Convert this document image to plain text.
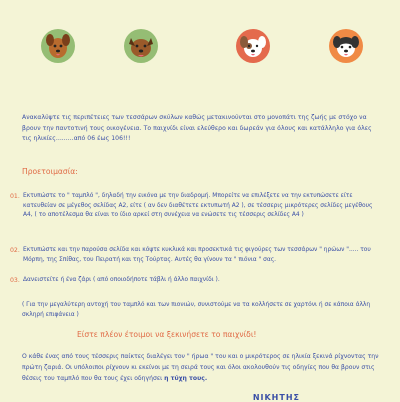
Ανακαλύψτε τις περιπέτειες των τεσσάρων σκύλων καθώς μετακινούνται στο μονοπάτι της ζωής με στόχο να βρουν την παντοτινή τους οικογένεια. Το παιχνίδι είναι ελεύθερο και δωρεάν για όλους και κατάλληλο για όλες τις ηλικίες.........από 06 έως 106!!!
Προετοιμασία:
01. Εκτυπώστε το " ταμπλό ", δηλαδή την εικόνα με την διαδρομή. Μπορείτε να επιλέξετε να την εκτυπώσετε είτε κατευθείαν σε μέγεθος σελίδας Α2, είτε ( αν δεν διαθέτετε εκτυπωτή Α2 ), σε τέσσερις μικρότερες σελίδες μεγέθους Α4, ( το αποτέλεσμα θα είναι το ίδιο αρκεί στη συνέχεια να ενώσετε τις τέσσερις σελίδες Α4 )
02. Εκτυπώστε και την παρούσα σελίδα και κόψτε κυκλικά και προσεκτικά τις φιγούρες των τεσσάρων " ηρώων "..... του Μόρπη, της Σπίθας, του Πειρατή και της Τούρτας. Αυτές θα γίνουν τα " πιόνια " σας.
03. Δανειστείτε ή ένα ζάρι ( από οποιοδήποτε τάβλι ή άλλο παιχνίδι ).
( Για την μεγαλύτερη αντοχή του ταμπλό και των πιονιών, συνιστούμε να τα κολλήσετε σε χαρτόνι ή σε κάποια άλλη σκληρή επιφάνεια )
Είστε πλέον έτοιμοι να ξεκινήσετε το παιχνίδι!
Ο κάθε ένας από τους τέσσερις παίκτες διαλέγει τον " ήρωα " του και ο μικρότερος σε ηλικία ξεκινά ρίχνοντας την πρώτη ζαριά. Οι υπόλοιποι ρίχνουν κι εκείνοι με τη σειρά τους και όλοι ακολουθούν τις οδηγίες που θα βρουν στις θέσεις του ταμπλό που θα τους έχει οδηγήσει η τύχη τους.
ΝΙΚΗΤΗΣ
